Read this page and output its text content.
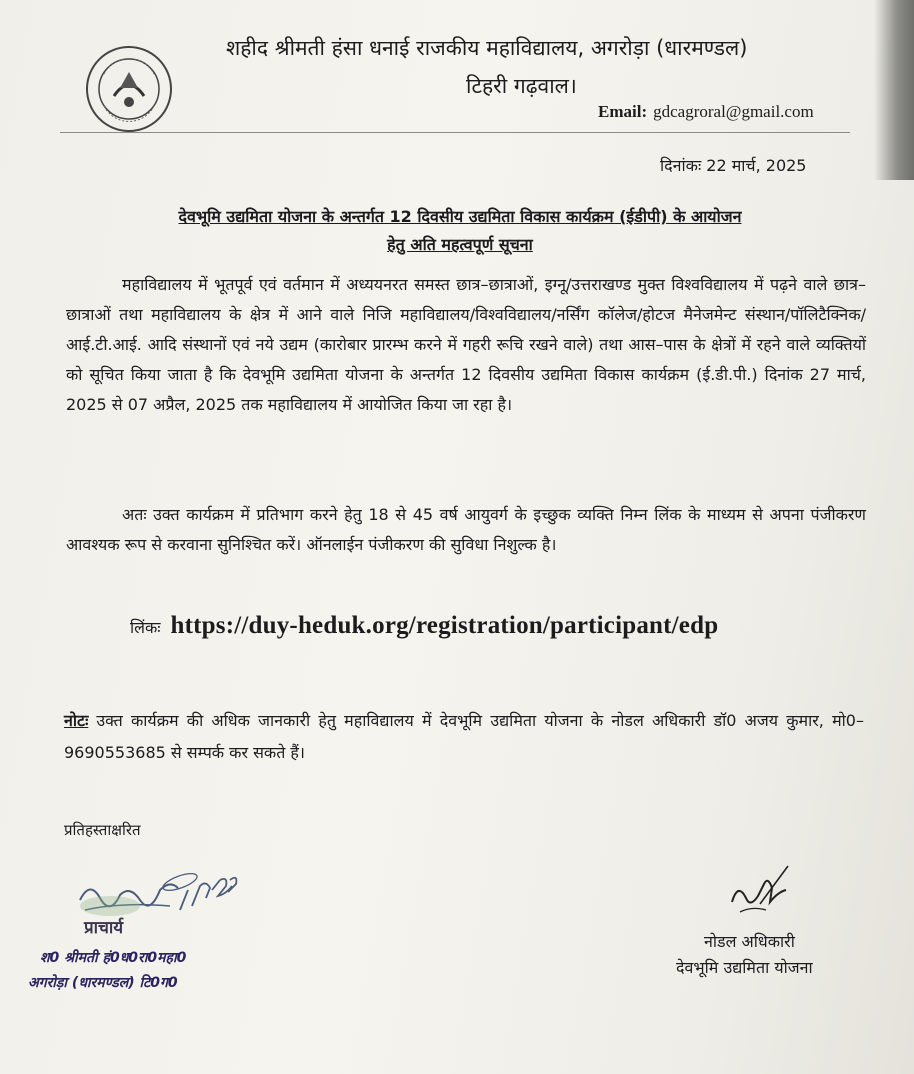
शहीद श्रीमती हंसा धनाई राजकीय महाविद्यालय, अगरोड़ा (धारमण्डल)
टिहरी गढ़वाल।
Email: gdcagroral@gmail.com
दिनांकः 22 मार्च, 2025
देवभूमि उद्यमिता योजना के अन्तर्गत 12 दिवसीय उद्यमिता विकास कार्यक्रम (ईडीपी) के आयोजन
हेतु अति महत्वपूर्ण सूचना
महाविद्यालय में भूतपूर्व एवं वर्तमान में अध्ययनरत समस्त छात्र–छात्राओं, इग्नू/उत्तराखण्ड मुक्त विश्वविद्यालय में पढ़ने वाले छात्र–छात्राओं तथा महाविद्यालय के क्षेत्र में आने वाले निजि महाविद्यालय/विश्वविद्यालय/नर्सिंग कॉलेज/होटज मैनेजमेन्ट संस्थान/पॉलिटैक्निक/आई.टी.आई. आदि संस्थानों एवं नये उद्यम (कारोबार प्रारम्भ करने में गहरी रूचि रखने वाले) तथा आस–पास के क्षेत्रों में रहने वाले व्यक्तियों को सूचित किया जाता है कि देवभूमि उद्यमिता योजना के अन्तर्गत 12 दिवसीय उद्यमिता विकास कार्यक्रम (ई.डी.पी.) दिनांक 27 मार्च, 2025 से 07 अप्रैल, 2025 तक महाविद्यालय में आयोजित किया जा रहा है।
अतः उक्त कार्यक्रम में प्रतिभाग करने हेतु 18 से 45 वर्ष आयुवर्ग के इच्छुक व्यक्ति निम्न लिंक के माध्यम से अपना पंजीकरण आवश्यक रूप से करवाना सुनिश्चित करें। ऑनलाईन पंजीकरण की सुविधा निशुल्क है।
लिंकः https://duy-heduk.org/registration/participant/edp
नोटः उक्त कार्यक्रम की अधिक जानकारी हेतु महाविद्यालय में देवभूमि उद्यमिता योजना के नोडल अधिकारी डॉ0 अजय कुमार, मो0– 9690553685 से सम्पर्क कर सकते हैं।
प्रतिहस्ताक्षरित
प्राचार्य
श0 श्रीमती हं0ध0रा0महा0
अगरोड़ा (धारमण्डल) टि0ग0
नोडल अधिकारी
देवभूमि उद्यमिता योजना
